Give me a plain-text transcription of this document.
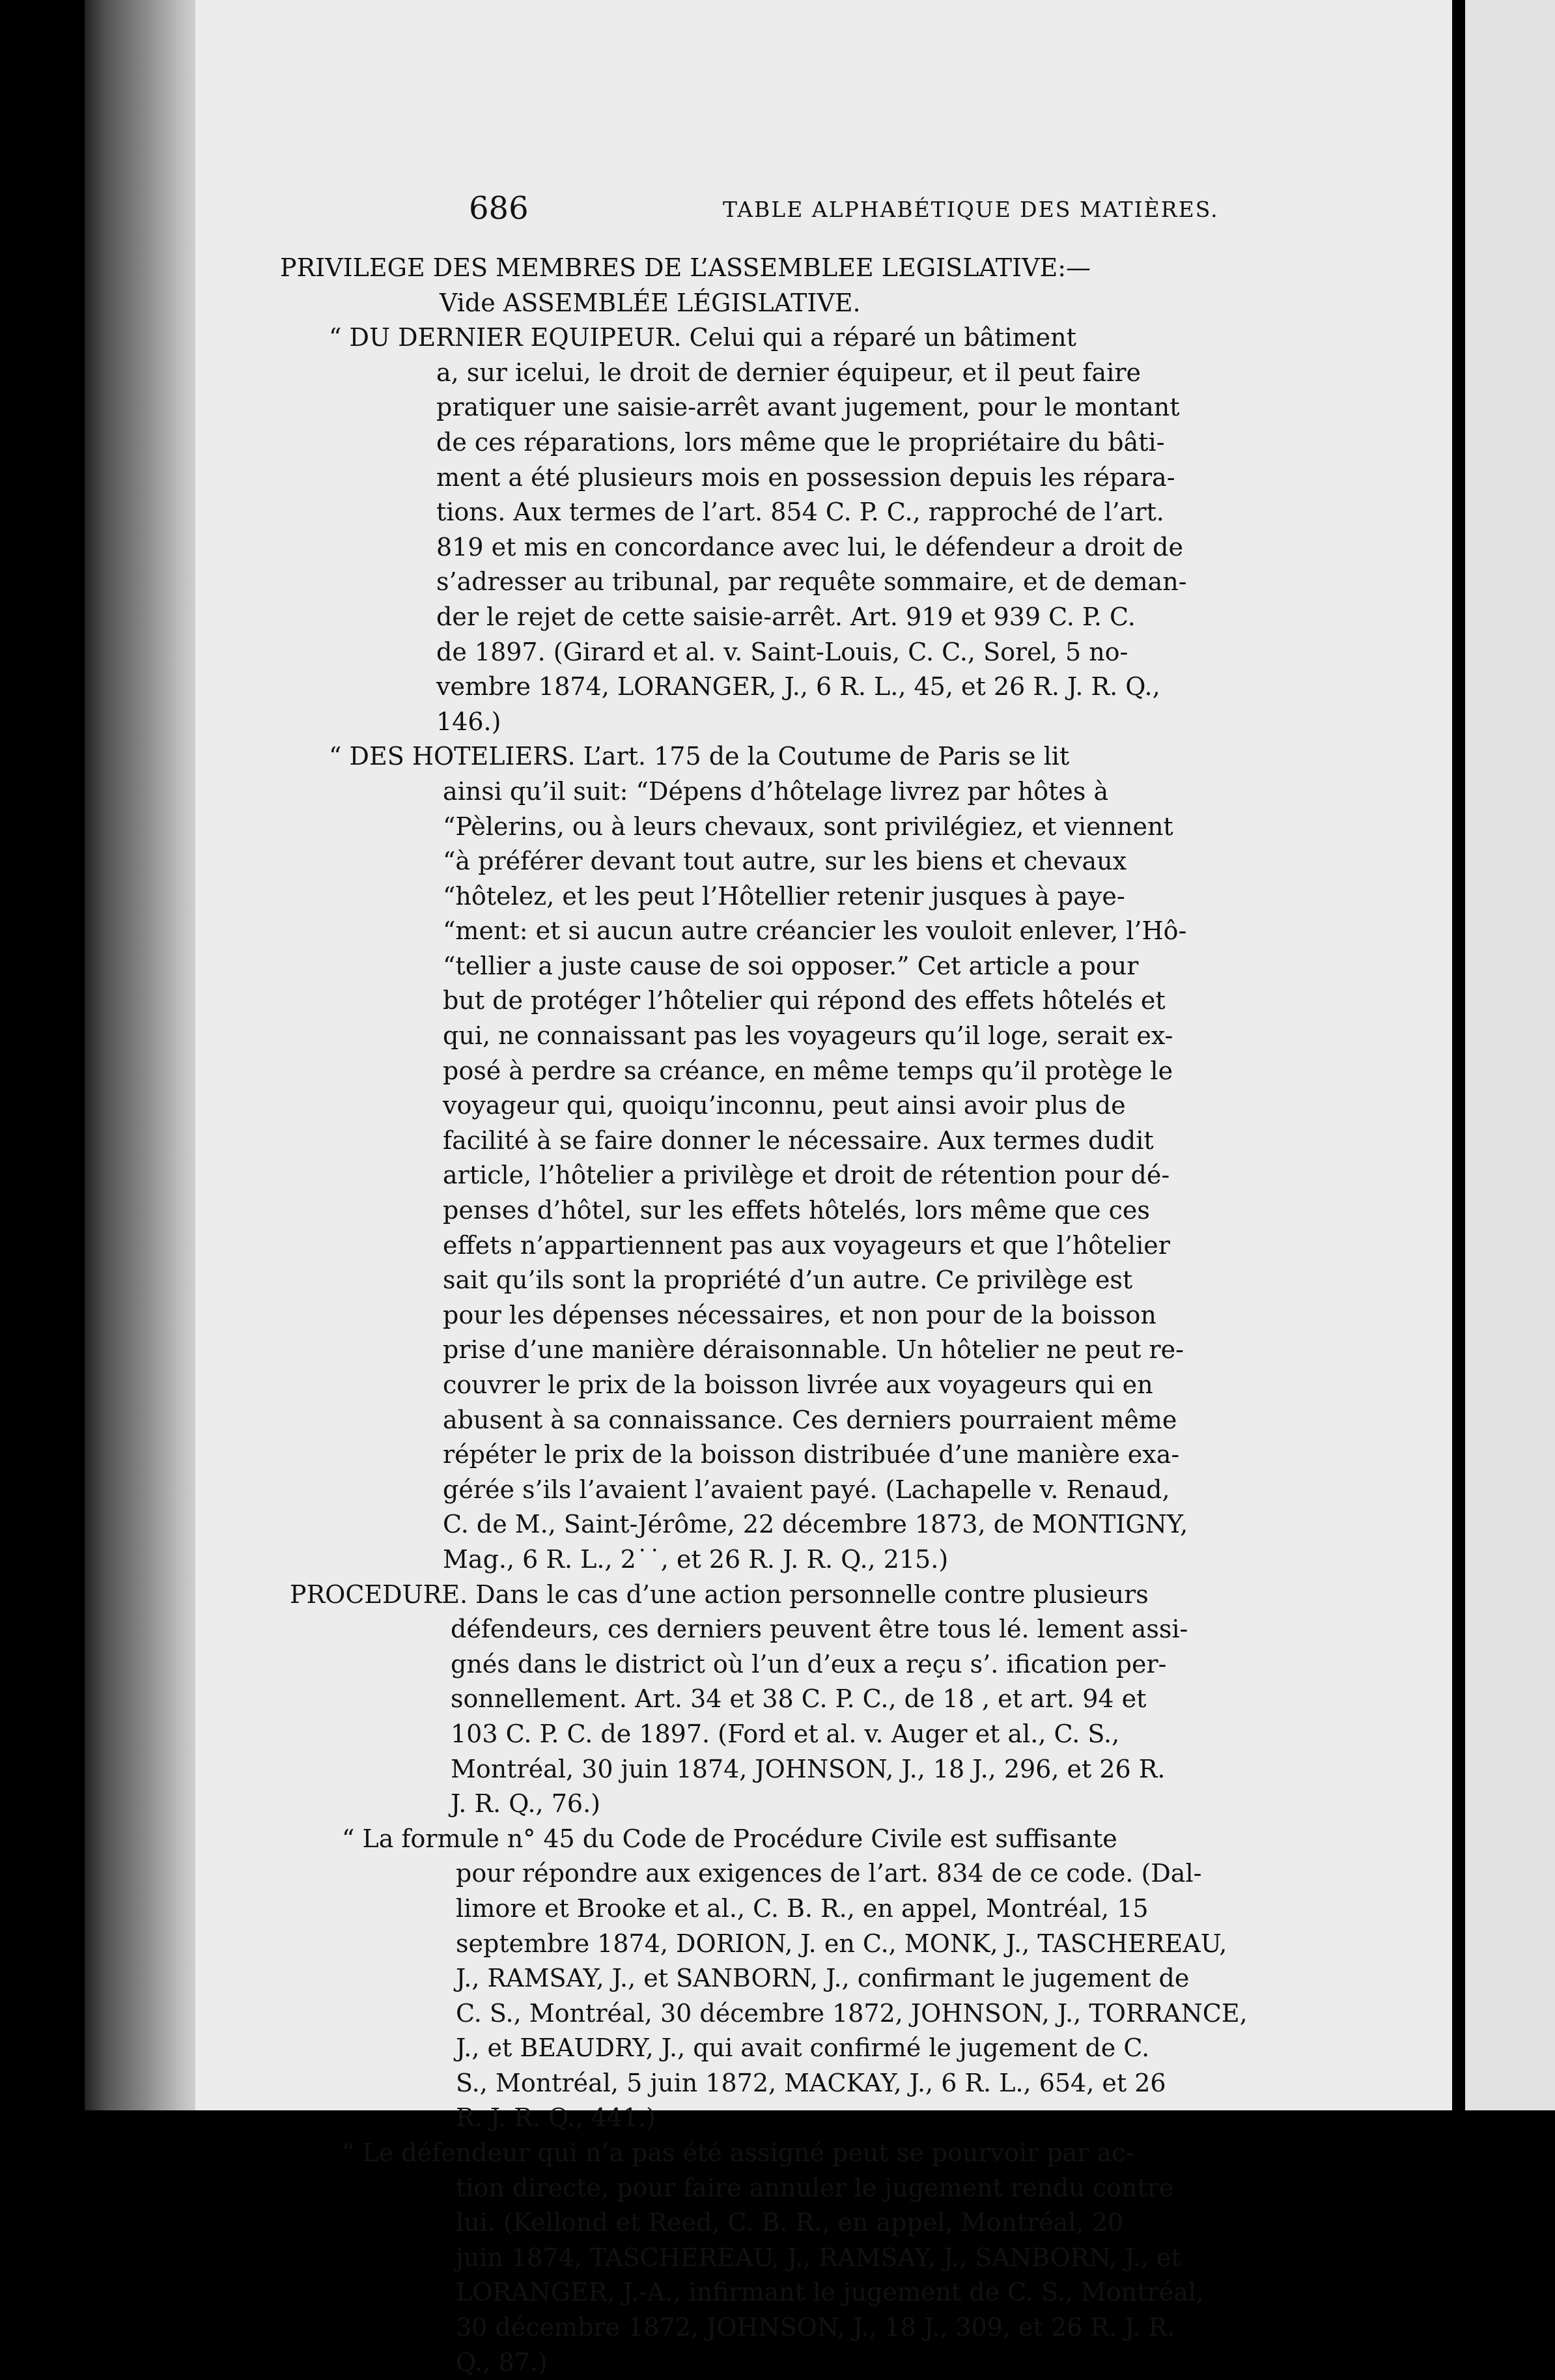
686	TABLE ALPHABÉTIQUE DES MATIÈRES.
PRIVILEGE DES MEMBRES DE L’ASSEMBLEE LEGISLATIVE:—
Vide ASSEMBLÉE LÉGISLATIVE.
“ DU DERNIER EQUIPEUR. Celui qui a réparé un bâtiment
a, sur icelui, le droit de dernier équipeur, et il peut faire
pratiquer une saisie-arrêt avant jugement, pour le montant
de ces réparations, lors même que le propriétaire du bâti-
ment a été plusieurs mois en possession depuis les répara-
tions. Aux termes de l’art. 854 C. P. C., rapproché de l’art.
819 et mis en concordance avec lui, le défendeur a droit de
s’adresser au tribunal, par requête sommaire, et de deman-
der le rejet de cette saisie-arrêt. Art. 919 et 939 C. P. C.
de 1897. (Girard et al. v. Saint-Louis, C. C., Sorel, 5 no-
vembre 1874, LORANGER, J., 6 R. L., 45, et 26 R. J. R. Q.,
146.)
“ DES HOTELIERS. L’art. 175 de la Coutume de Paris se lit
ainsi qu’il suit: “Dépens d’hôtelage livrez par hôtes à
“Pèlerins, ou à leurs chevaux, sont privilégiez, et viennent
“à préférer devant tout autre, sur les biens et chevaux
“hôtelez, et les peut l’Hôtellier retenir jusques à paye-
“ment: et si aucun autre créancier les vouloit enlever, l’Hô-
“tellier a juste cause de soi opposer.” Cet article a pour
but de protéger l’hôtelier qui répond des effets hôtelés et
qui, ne connaissant pas les voyageurs qu’il loge, serait ex-
posé à perdre sa créance, en même temps qu’il protège le
voyageur qui, quoiqu’inconnu, peut ainsi avoir plus de
facilité à se faire donner le nécessaire. Aux termes dudit
article, l’hôtelier a privilège et droit de rétention pour dé-
penses d’hôtel, sur les effets hôtelés, lors même que ces
effets n’appartiennent pas aux voyageurs et que l’hôtelier
sait qu’ils sont la propriété d’un autre. Ce privilège est
pour les dépenses nécessaires, et non pour de la boisson
prise d’une manière déraisonnable. Un hôtelier ne peut re-
couvrer le prix de la boisson livrée aux voyageurs qui en
abusent à sa connaissance. Ces derniers pourraient même
répéter le prix de la boisson distribuée d’une manière exa-
gérée s’ils l’avaient l’avaient payé. (Lachapelle v. Renaud,
C. de M., Saint-Jérôme, 22 décembre 1873, de MONTIGNY,
Mag., 6 R. L., 2˙˙, et 26 R. J. R. Q., 215.)
PROCEDURE. Dans le cas d’une action personnelle contre plusieurs
défendeurs, ces derniers peuvent être tous lé. lement assi-
gnés dans le district où l’un d’eux a reçu s’. ification per-
sonnellement. Art. 34 et 38 C. P. C., de 18 , et art. 94 et
103 C. P. C. de 1897. (Ford et al. v. Auger et al., C. S.,
Montréal, 30 juin 1874, JOHNSON, J., 18 J., 296, et 26 R.
J. R. Q., 76.)
“ La formule n° 45 du Code de Procédure Civile est suffisante
pour répondre aux exigences de l’art. 834 de ce code. (Dal-
limore et Brooke et al., C. B. R., en appel, Montréal, 15
septembre 1874, DORION, J. en C., MONK, J., TASCHEREAU,
J., RAMSAY, J., et SANBORN, J., confirmant le jugement de
C. S., Montréal, 30 décembre 1872, JOHNSON, J., TORRANCE,
J., et BEAUDRY, J., qui avait confirmé le jugement de C.
S., Montréal, 5 juin 1872, MACKAY, J., 6 R. L., 654, et 26
R. J. R. Q., 441.)
“ Le défendeur qui n’a pas été assigné peut se pourvoir par ac-
tion directe, pour faire annuler le jugement rendu contre
lui. (Kellond et Reed, C. B. R., en appel, Montréal, 20
juin 1874, TASCHEREAU, J., RAMSAY, J., SANBORN, J., et
LORANGER, J.-A., infirmant le jugement de C. S., Montréal,
30 décembre 1872, JOHNSON, J., 18 J., 309, et 26 R. J. R.
Q., 87.)
